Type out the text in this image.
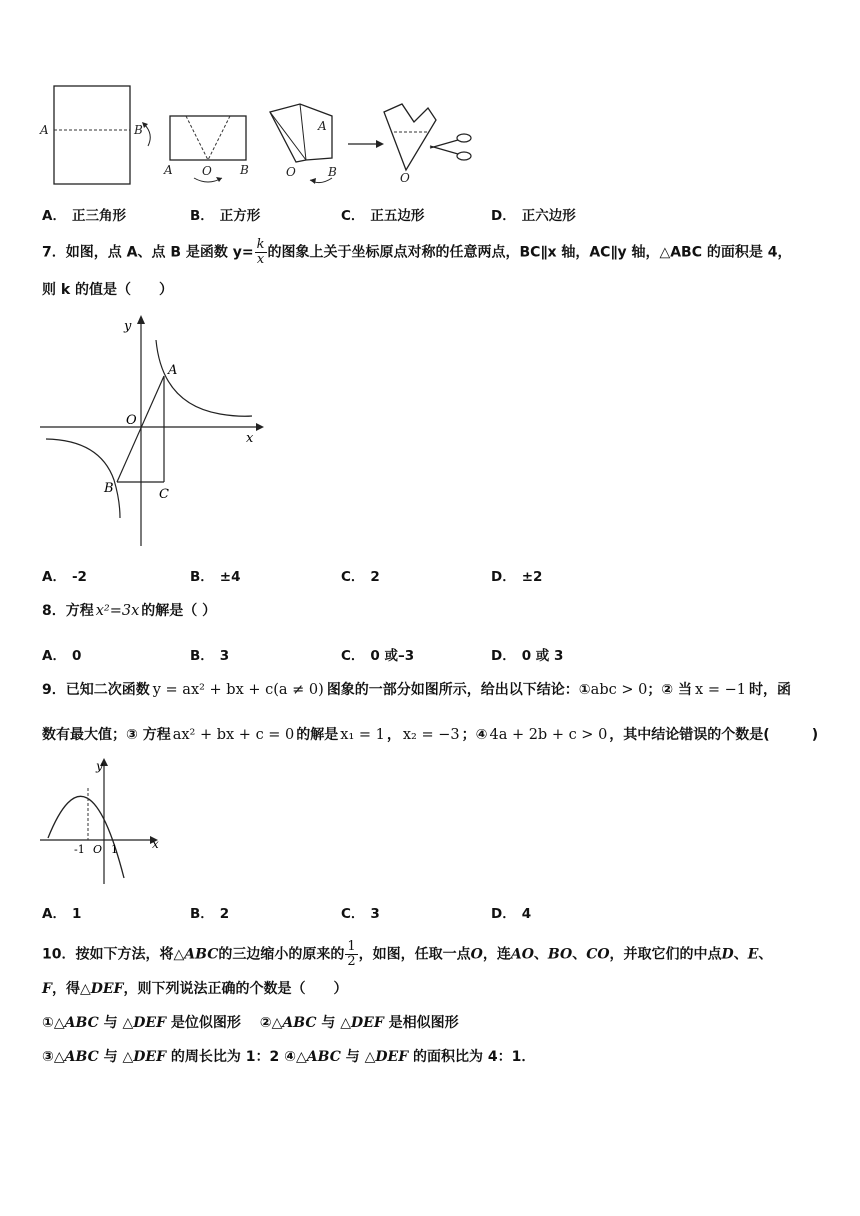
A	B
A O B
A
O	B	O
A． 正三角形	B． 正方形	C． 正五边形	D． 正六边形
7．如图，点 A、点 B 是函数 $y= \frac{k}{x}$ 的图象上关于坐标原点对称的任意两点，BC∥x 轴，AC∥y 轴，△ABC 的面积是 4，
则 k 的值是（　　）
y
x
O
A
B	C
A． -2	B． ±4	C． 2	D． ±2
8．方程 x²=3x 的解是（ ）
A． 0	B． 3	C． 0 或–3	D． 0 或 3
9．已知二次函数 y = ax² + bx + c(a ≠ 0) 图象的一部分如图所示，给出以下结论：①abc > 0；② 当 x = −1 时，函
数有最大值；③ 方程 ax² + bx + c = 0 的解是 x₁ = 1 ， x₂ = −3 ；④ 4a + 2b + c > 0 ，其中结论错误的个数是(　　　)
y
x
-1 O 1
A． 1	B． 2	C． 3	D． 4
10．按如下方法，将△ABC的三边缩小的原来的 $\frac{1}{2}$ ，如图，任取一点O，连AO、BO、CO，并取它们的中点D、E、
F，得△DEF，则下列说法正确的个数是（　　）
①△ABC 与 △DEF 是位似图形　 ②△ABC 与 △DEF 是相似图形
③△ABC 与 △DEF 的周长比为 1：2 ④△ABC 与 △DEF 的面积比为 4：1．
